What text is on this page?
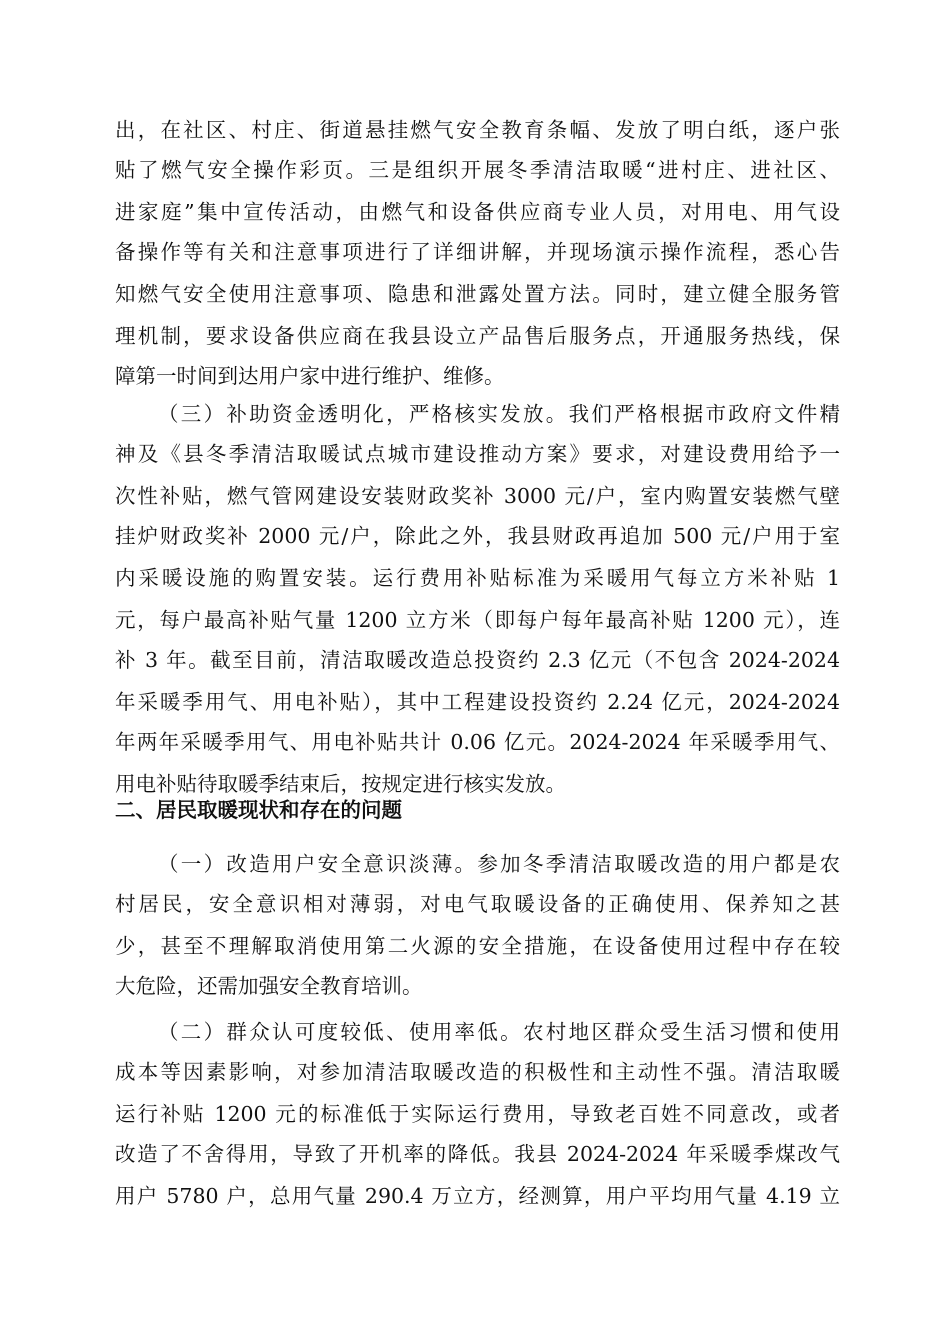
出，在社区、村庄、街道悬挂燃气安全教育条幅、发放了明白纸，逐户张
贴了燃气安全操作彩页。三是组织开展冬季清洁取暖“进村庄、进社区、
进家庭”集中宣传活动，由燃气和设备供应商专业人员，对用电、用气设
备操作等有关和注意事项进行了详细讲解，并现场演示操作流程，悉心告
知燃气安全使用注意事项、隐患和泄露处置方法。同时，建立健全服务管
理机制，要求设备供应商在我县设立产品售后服务点，开通服务热线，保
障第一时间到达用户家中进行维护、维修。
（三）补助资金透明化，严格核实发放。我们严格根据市政府文件精
神及《县冬季清洁取暖试点城市建设推动方案》要求，对建设费用给予一
次性补贴，燃气管网建设安装财政奖补 3000 元/户，室内购置安装燃气壁
挂炉财政奖补 2000 元/户，除此之外，我县财政再追加 500 元/户用于室
内采暖设施的购置安装。运行费用补贴标准为采暖用气每立方米补贴 1
元，每户最高补贴气量 1200 立方米（即每户每年最高补贴 1200 元），连
补 3 年。截至目前，清洁取暖改造总投资约 2.3 亿元（不包含 2024-2024
年采暖季用气、用电补贴），其中工程建设投资约 2.24 亿元，2024-2024
年两年采暖季用气、用电补贴共计 0.06 亿元。2024-2024 年采暖季用气、
用电补贴待取暖季结束后，按规定进行核实发放。
二、居民取暖现状和存在的问题
（一）改造用户安全意识淡薄。参加冬季清洁取暖改造的用户都是农
村居民，安全意识相对薄弱，对电气取暖设备的正确使用、保养知之甚
少，甚至不理解取消使用第二火源的安全措施，在设备使用过程中存在较
大危险，还需加强安全教育培训。
（二）群众认可度较低、使用率低。农村地区群众受生活习惯和使用
成本等因素影响，对参加清洁取暖改造的积极性和主动性不强。清洁取暖
运行补贴 1200 元的标准低于实际运行费用，导致老百姓不同意改，或者
改造了不舍得用，导致了开机率的降低。我县 2024-2024 年采暖季煤改气
用户 5780 户，总用气量 290.4 万立方，经测算，用户平均用气量 4.19 立
